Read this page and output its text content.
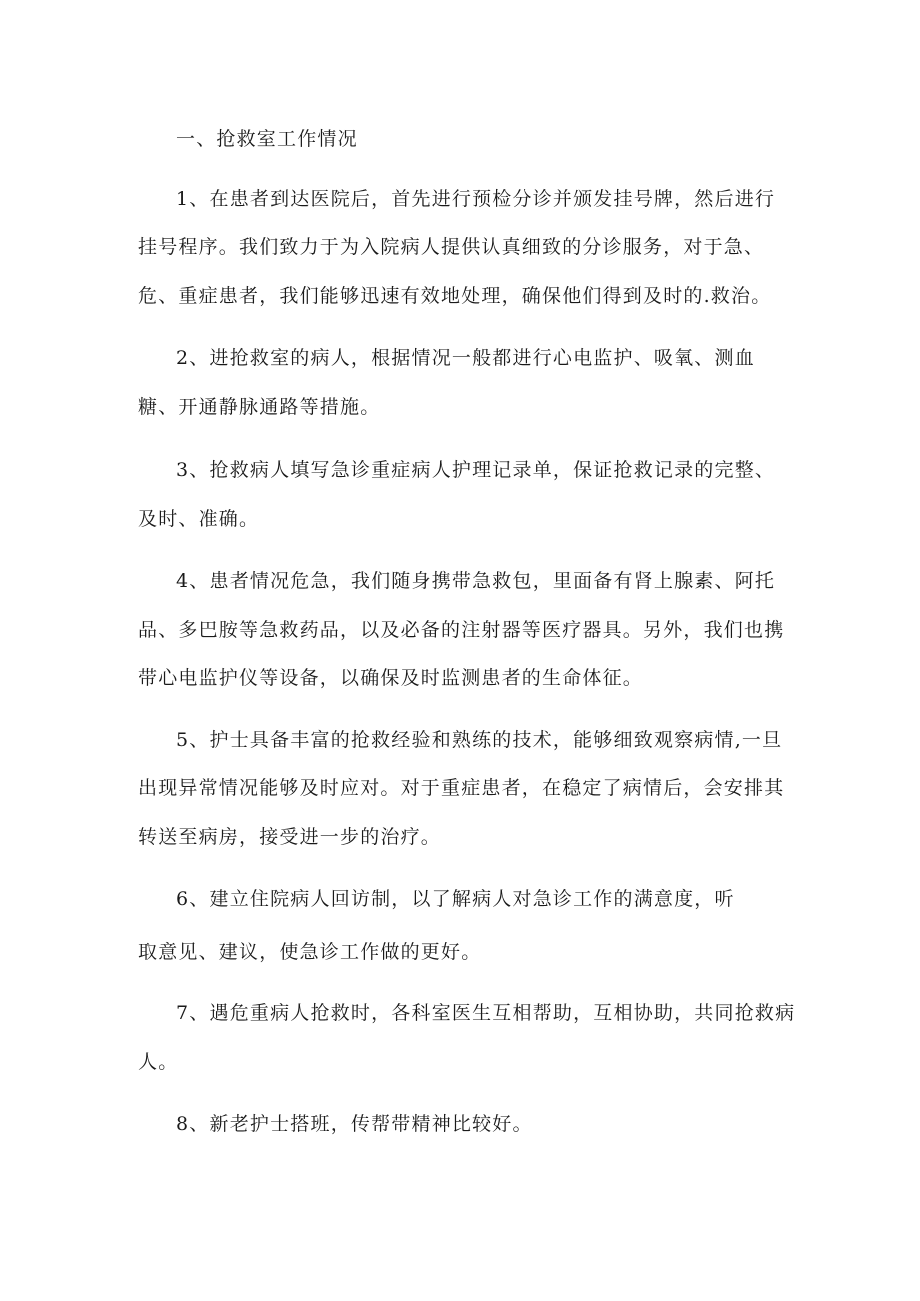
一、抢救室工作情况

1、在患者到达医院后，首先进行预检分诊并颁发挂号牌，然后进行

挂号程序。我们致力于为入院病人提供认真细致的分诊服务，对于急、

危、重症患者，我们能够迅速有效地处理，确保他们得到及时的.救治。

2、进抢救室的病人，根据情况一般都进行心电监护、吸氧、测血

糖、开通静脉通路等措施。

3、抢救病人填写急诊重症病人护理记录单，保证抢救记录的完整、

及时、准确。

4、患者情况危急，我们随身携带急救包，里面备有肾上腺素、阿托

品、多巴胺等急救药品，以及必备的注射器等医疗器具。另外，我们也携

带心电监护仪等设备，以确保及时监测患者的生命体征。

5、护士具备丰富的抢救经验和熟练的技术，能够细致观察病情,一旦

出现异常情况能够及时应对。对于重症患者，在稳定了病情后，会安排其

转送至病房，接受进一步的治疗。

6、建立住院病人回访制，以了解病人对急诊工作的满意度，听

取意见、建议，使急诊工作做的更好。

7、遇危重病人抢救时，各科室医生互相帮助，互相协助，共同抢救病

人。

8、新老护士搭班，传帮带精神比较好。
